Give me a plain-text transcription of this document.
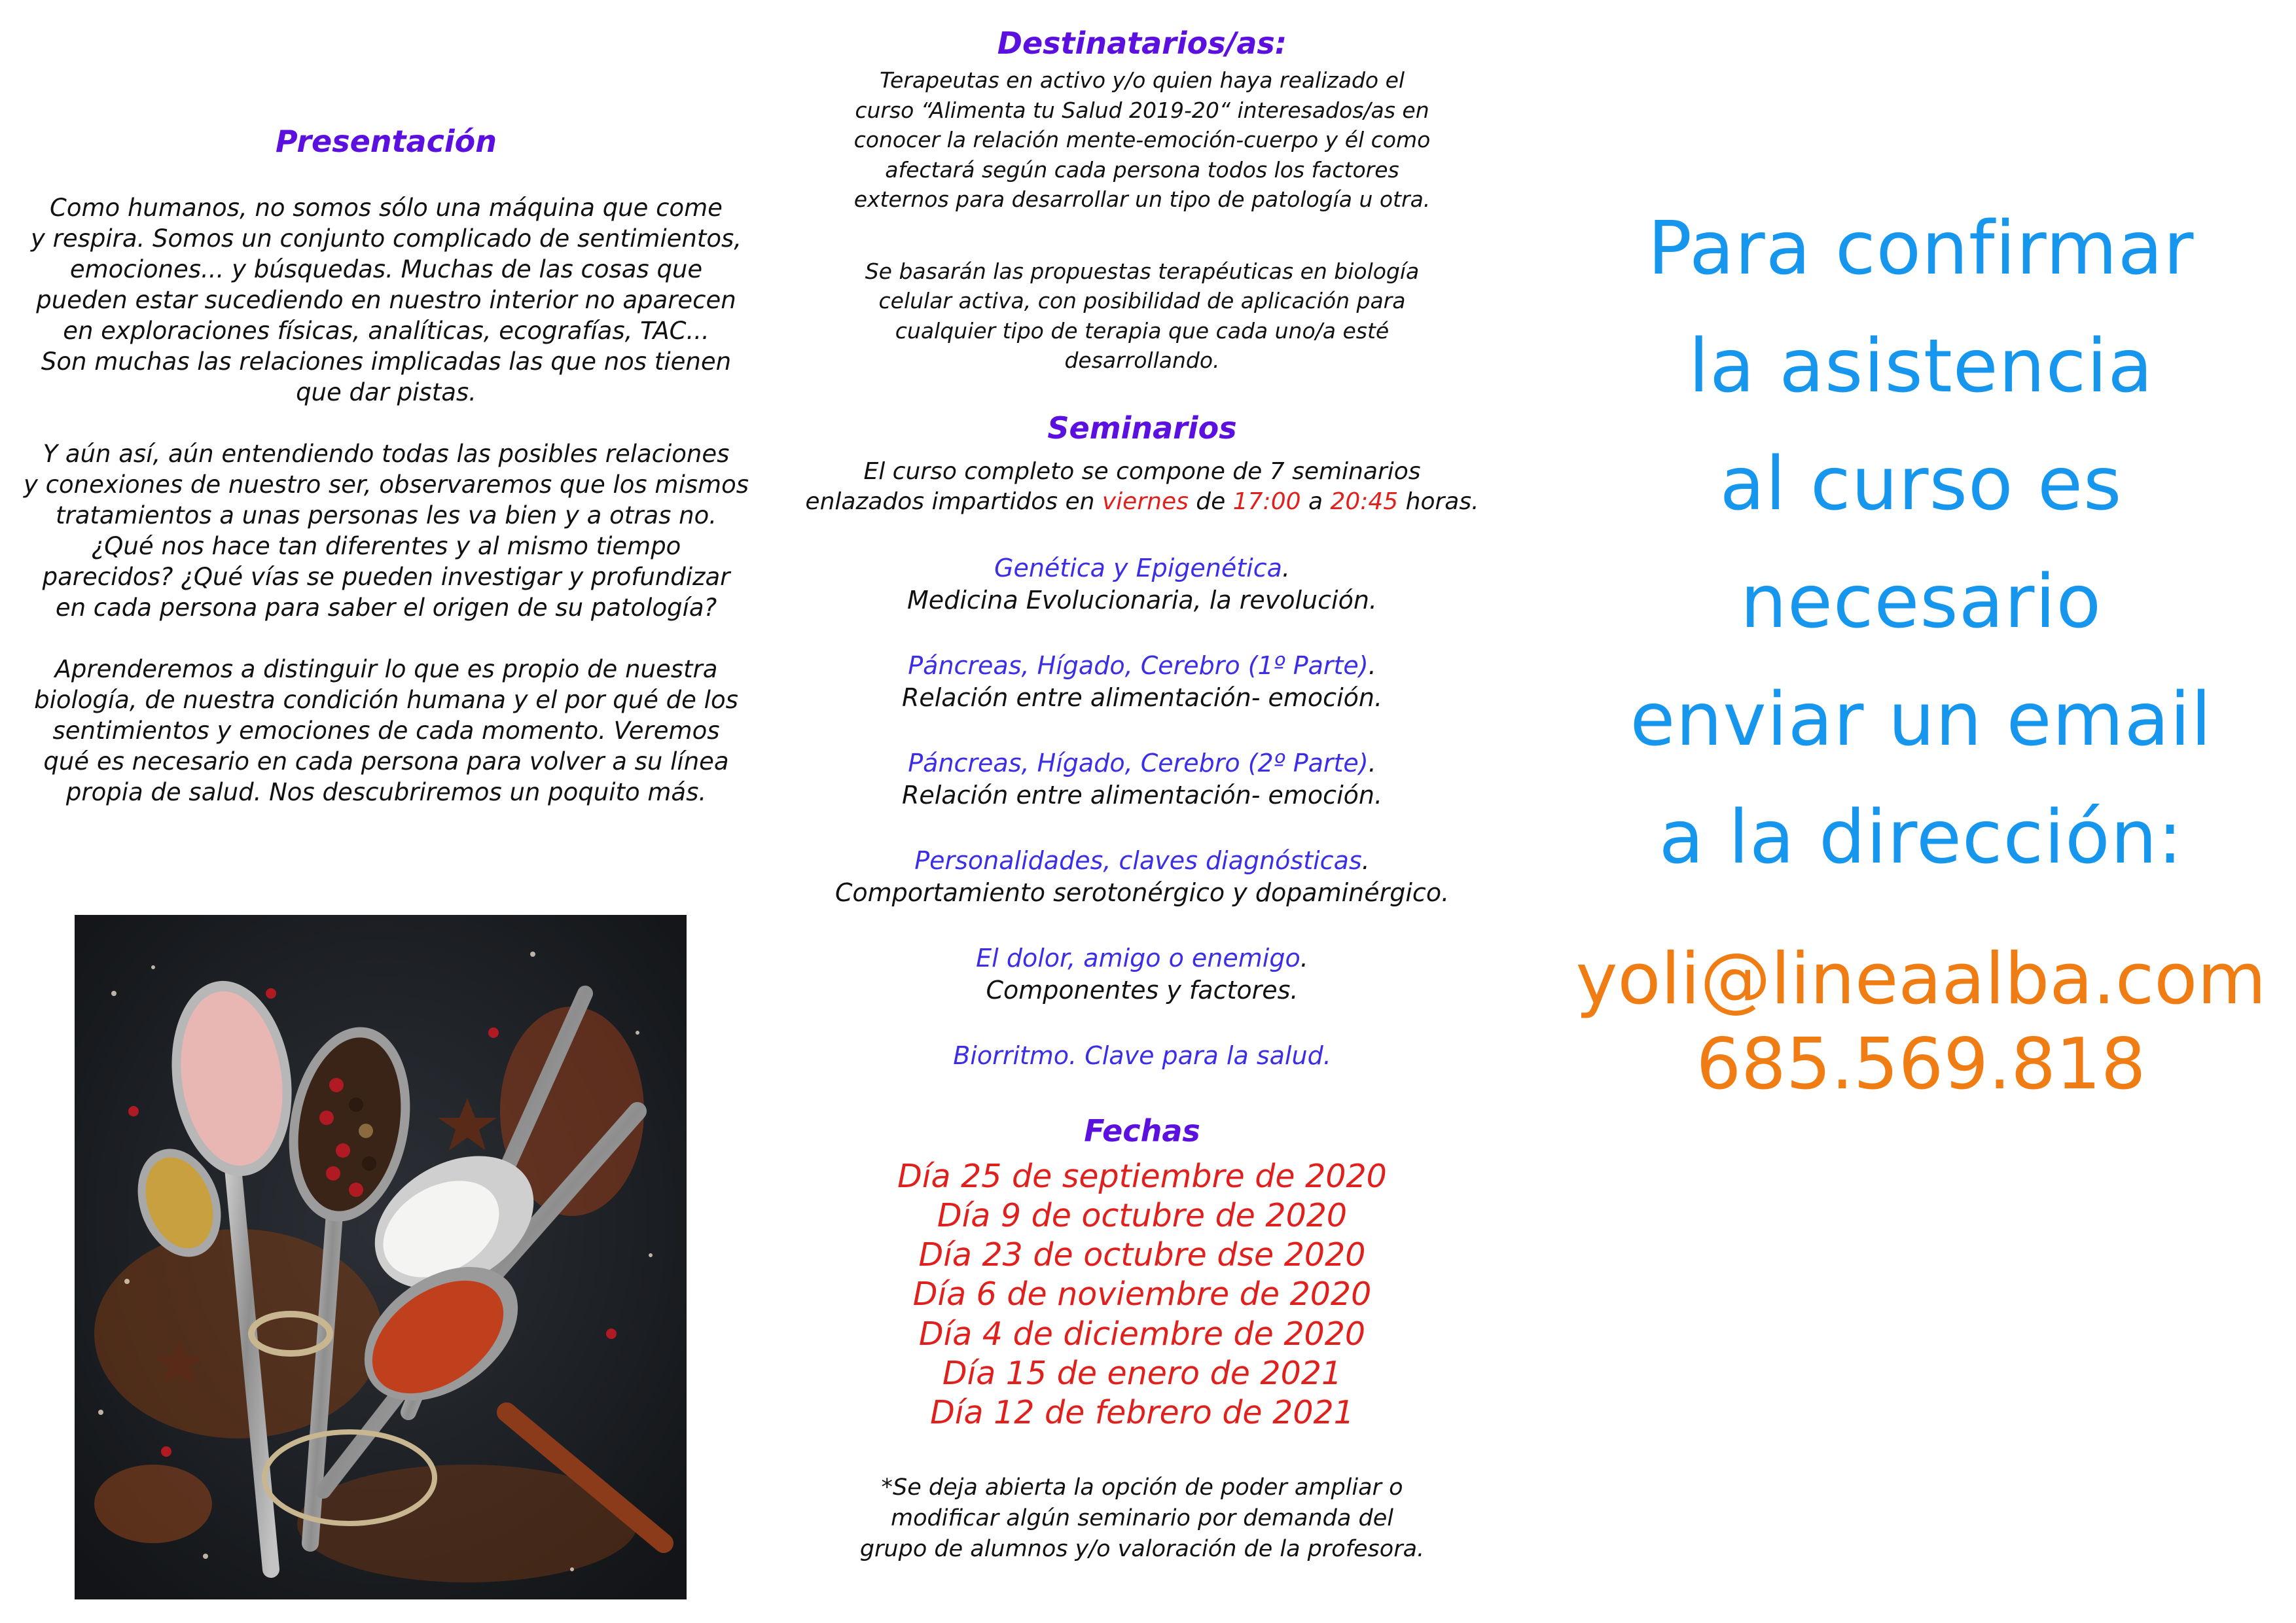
Presentación

Como humanos, no somos sólo una máquina que come
y respira. Somos un conjunto complicado de sentimientos,
emociones... y búsquedas. Muchas de las cosas que
pueden estar sucediendo en nuestro interior no aparecen
en exploraciones físicas, analíticas, ecografías, TAC...
Son muchas las relaciones implicadas las que nos tienen
que dar pistas.

Y aún así, aún entendiendo todas las posibles relaciones
y conexiones de nuestro ser, observaremos que los mismos
tratamientos a unas personas les va bien y a otras no.
¿Qué nos hace tan diferentes y al mismo tiempo
parecidos? ¿Qué vías se pueden investigar y profundizar
en cada persona para saber el origen de su patología?

Aprenderemos a distinguir lo que es propio de nuestra
biología, de nuestra condición humana y el por qué de los
sentimientos y emociones de cada momento. Veremos
qué es necesario en cada persona para volver a su línea
propia de salud. Nos descubriremos un poquito más.

Destinatarios/as:
Terapeutas en activo y/o quien haya realizado el
curso “Alimenta tu Salud 2019-20“ interesados/as en
conocer la relación mente-emoción-cuerpo y él como
afectará según cada persona todos los factores
externos para desarrollar un tipo de patología u otra.
Se basarán las propuestas terapéuticas en biología
celular activa, con posibilidad de aplicación para
cualquier tipo de terapia que cada uno/a esté
desarrollando.
Seminarios
El curso completo se compone de 7 seminarios
enlazados impartidos en viernes de 17:00 a 20:45 horas.
Genética y Epigenética.
Medicina Evolucionaria, la revolución.
Páncreas, Hígado, Cerebro (1º Parte).
Relación entre alimentación- emoción.
Páncreas, Hígado, Cerebro (2º Parte).
Relación entre alimentación- emoción.
Personalidades, claves diagnósticas.
Comportamiento serotonérgico y dopaminérgico.
El dolor, amigo o enemigo.
Componentes y factores.
Biorritmo. Clave para la salud.
Fechas
Día 25 de septiembre de 2020
Día 9 de octubre de 2020
Día 23 de octubre dse 2020
Día 6 de noviembre de 2020
Día 4 de diciembre de 2020
Día 15 de enero de 2021
Día 12 de febrero de 2021
*Se deja abierta la opción de poder ampliar o
modificar algún seminario por demanda del
grupo de alumnos y/o valoración de la profesora.
Para confirmar
la asistencia
al curso es
necesario
enviar un email
a la dirección:
yoli@lineaalba.com
685.569.818
